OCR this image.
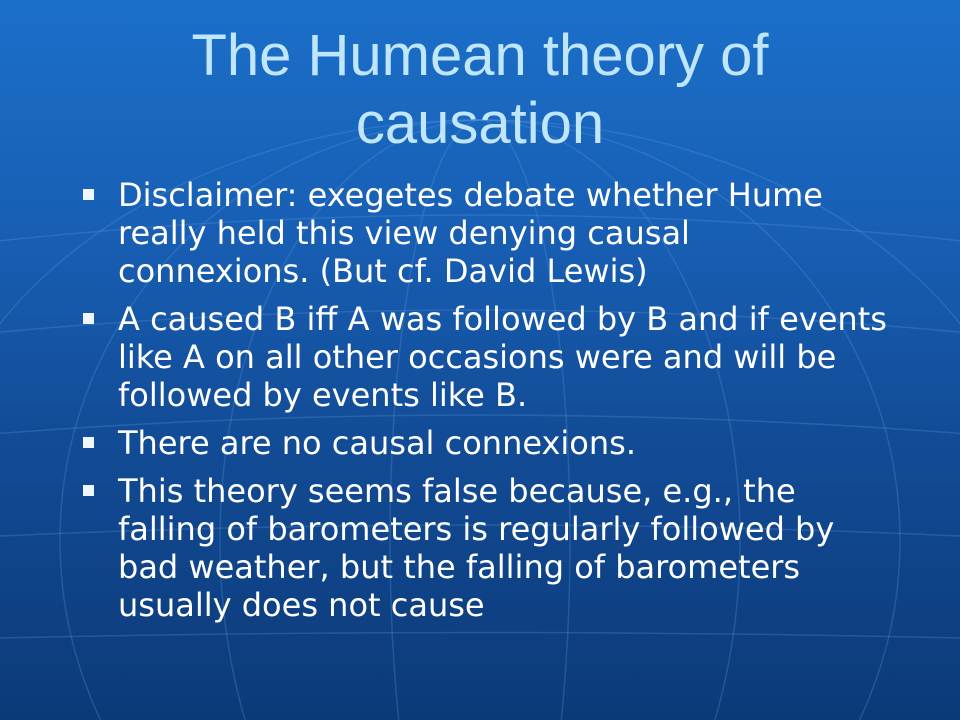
The Humean theory of causation
Disclaimer: exegetes debate whether Hume really held this view denying causal connexions. (But cf. David Lewis)
A caused B iff A was followed by B and if events like A on all other occasions were and will be followed by events like B.
There are no causal connexions.
This theory seems false because, e.g., the falling of barometers is regularly followed by bad weather, but the falling of barometers usually does not cause
